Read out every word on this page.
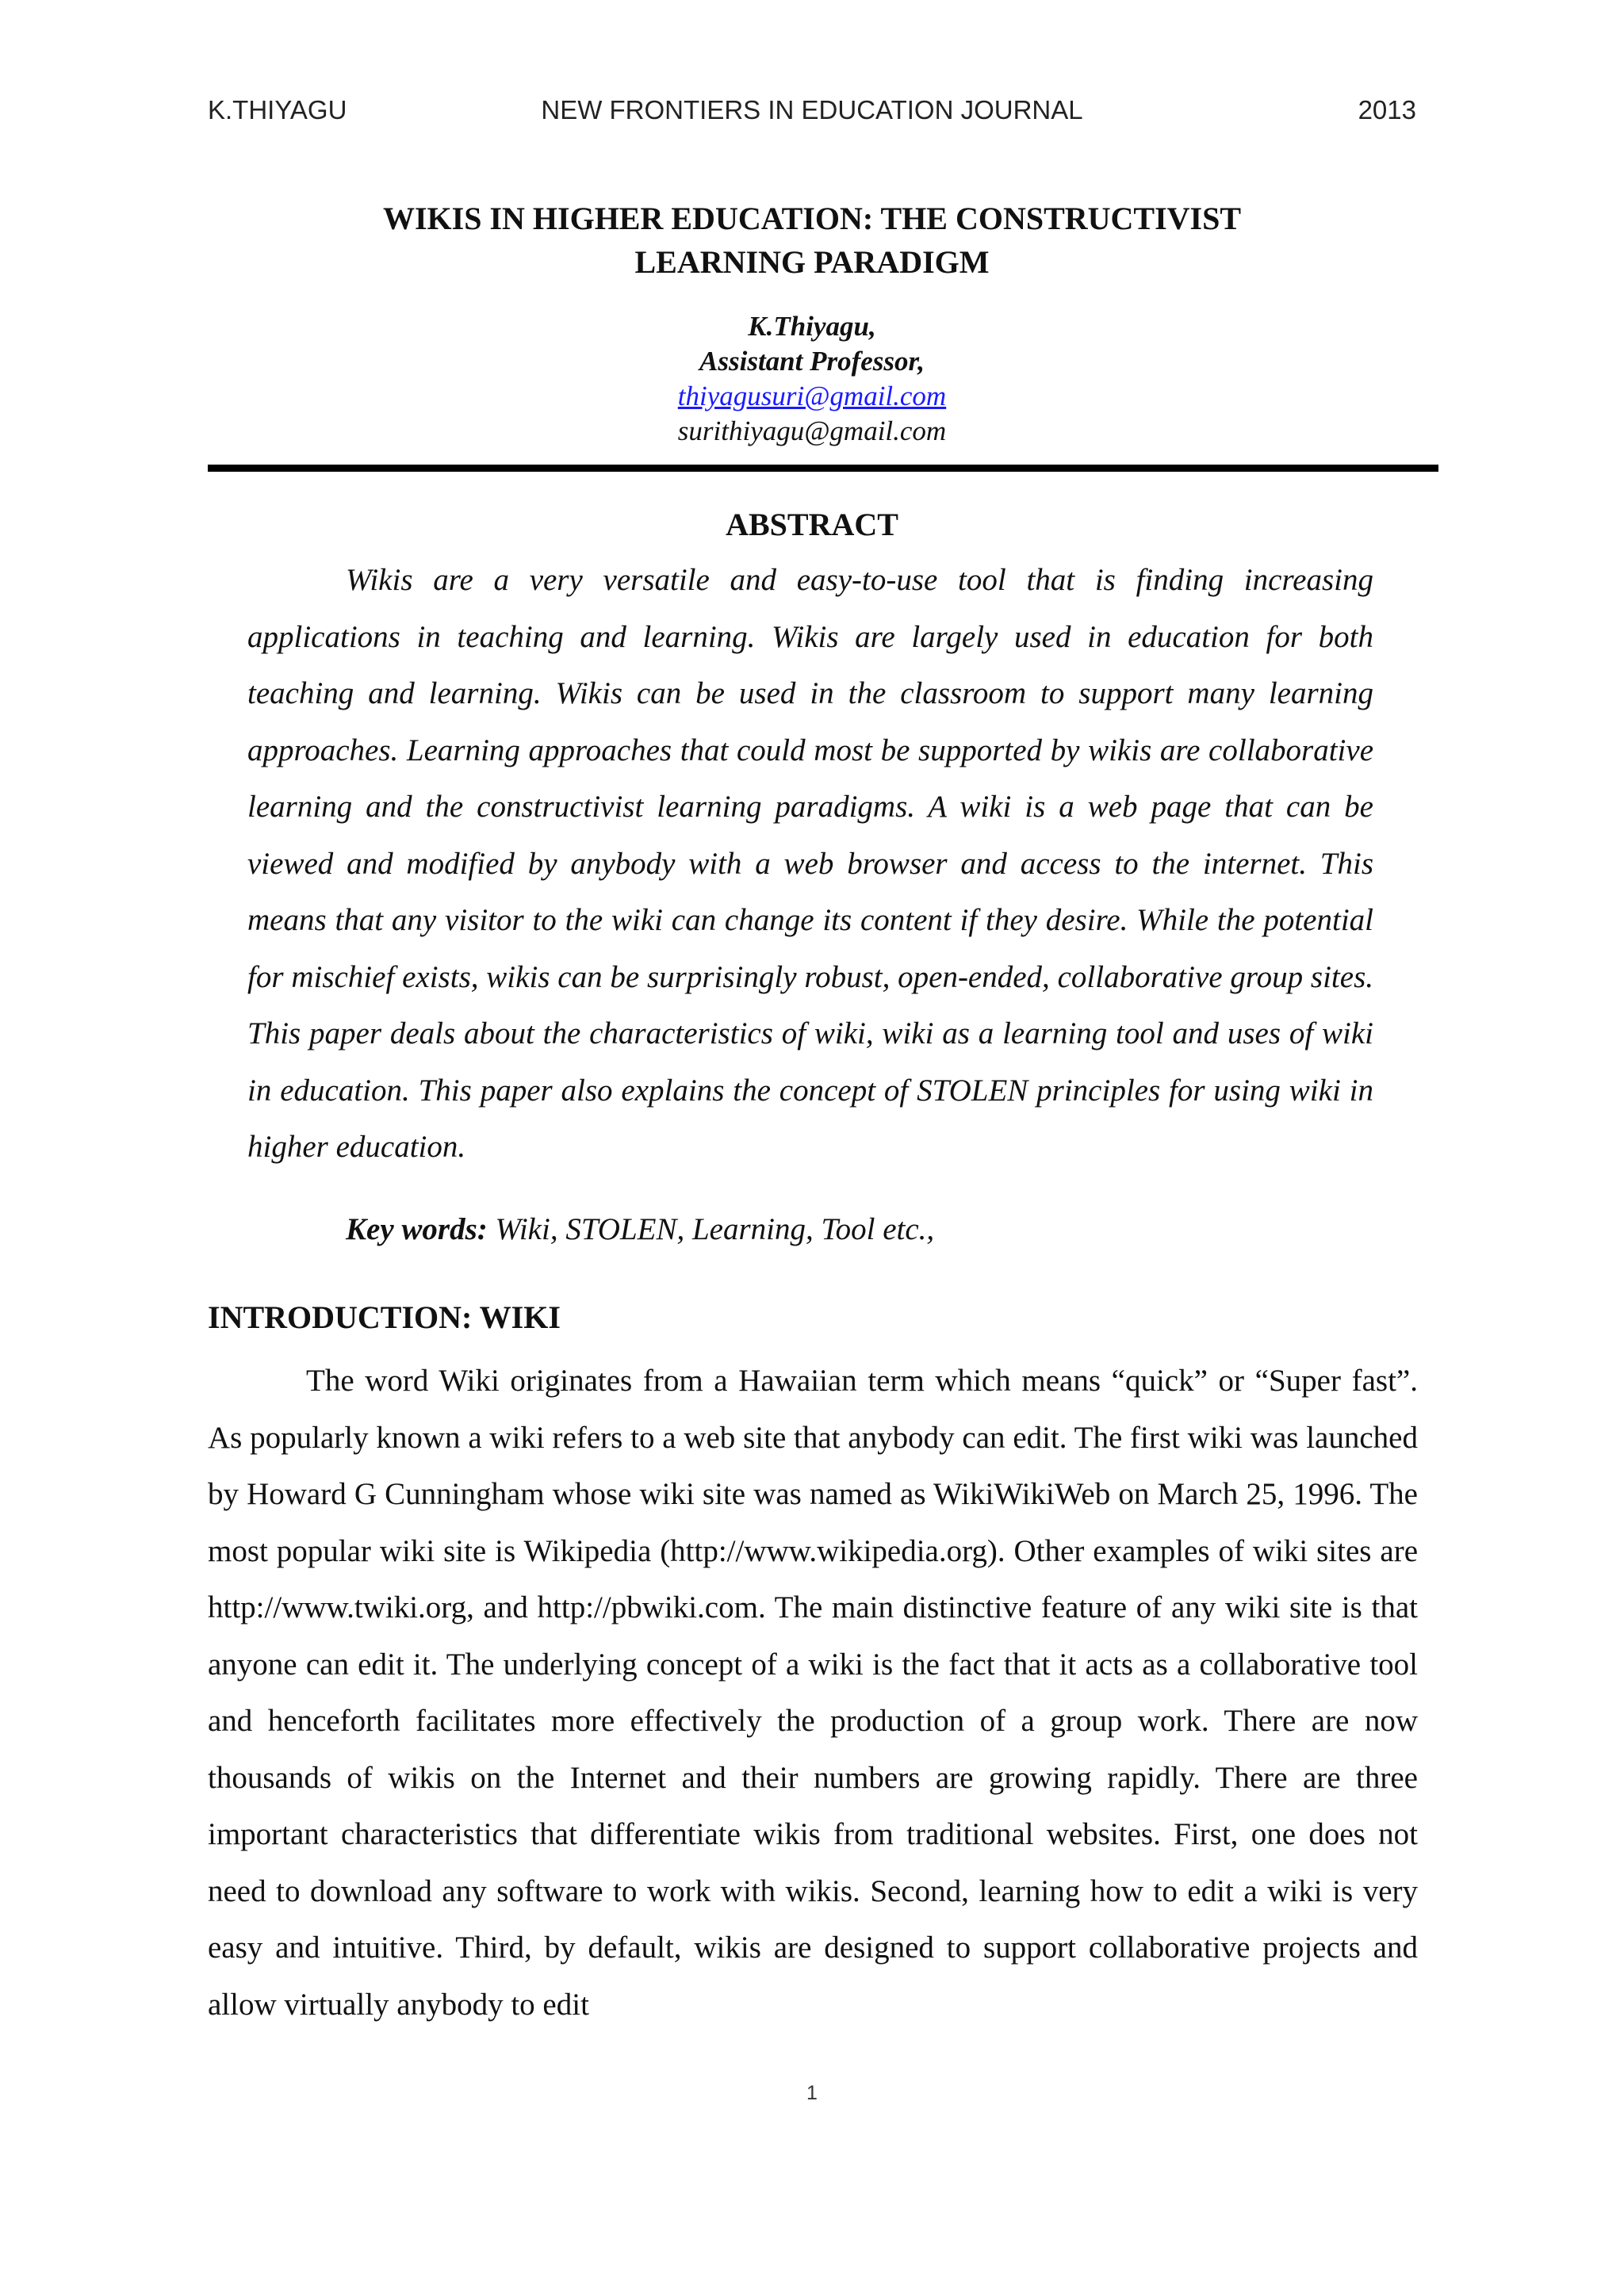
K.THIYAGU	NEW FRONTIERS IN EDUCATION JOURNAL	2013
WIKIS IN HIGHER EDUCATION: THE CONSTRUCTIVIST
LEARNING PARADIGM
K.Thiyagu,
Assistant Professor,
thiyagusuri@gmail.com
surithiyagu@gmail.com
ABSTRACT
Wikis are a very versatile and easy-to-use tool that is finding increasing applications in teaching and learning. Wikis are largely used in education for both teaching and learning. Wikis can be used in the classroom to support many learning approaches. Learning approaches that could most be supported by wikis are collaborative learning and the constructivist learning paradigms. A wiki is a web page that can be viewed and modified by anybody with a web browser and access to the internet. This means that any visitor to the wiki can change its content if they desire. While the potential for mischief exists, wikis can be surprisingly robust, open-ended, collaborative group sites. This paper deals about the characteristics of wiki, wiki as a learning tool and uses of wiki in education. This paper also explains the concept of STOLEN principles for using wiki in higher education.
Key words: Wiki, STOLEN, Learning, Tool etc.,
INTRODUCTION: WIKI
The word Wiki originates from a Hawaiian term which means “quick” or “Super fast”. As popularly known a wiki refers to a web site that anybody can edit. The first wiki was launched by Howard G Cunningham whose wiki site was named as WikiWikiWeb on March 25, 1996. The most popular wiki site is Wikipedia (http://www.wikipedia.org). Other examples of wiki sites are http://www.twiki.org, and http://pbwiki.com. The main distinctive feature of any wiki site is that anyone can edit it. The underlying concept of a wiki is the fact that it acts as a collaborative tool and henceforth facilitates more effectively the production of a group work. There are now thousands of wikis on the Internet and their numbers are growing rapidly. There are three important characteristics that differentiate wikis from traditional websites. First, one does not need to download any software to work with wikis. Second, learning how to edit a wiki is very easy and intuitive. Third, by default, wikis are designed to support collaborative projects and allow virtually anybody to edit
1
